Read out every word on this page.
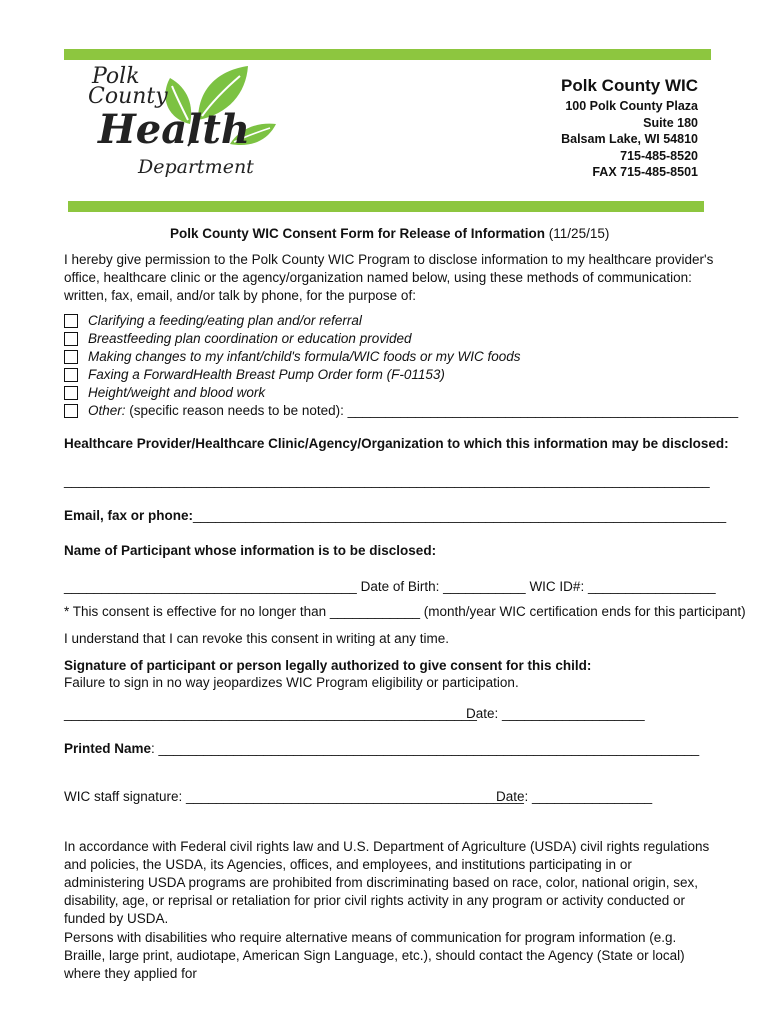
Polk
County
Health
Department
Polk County WIC
100 Polk County Plaza
Suite 180
Balsam Lake, WI 54810
715-485-8520
FAX 715-485-8501
Polk County WIC Consent Form for Release of Information (11/25/15)
I hereby give permission to the Polk County WIC Program to disclose information to my healthcare provider's office, healthcare clinic or the agency/organization named below, using these methods of communication: written, fax, email, and/or talk by phone, for the purpose of:
Clarifying a feeding/eating plan and/or referral
Breastfeeding plan coordination or education provided
Making changes to my infant/child's formula/WIC foods or my WIC foods
Faxing a ForwardHealth Breast Pump Order form (F-01153)
Height/weight and blood work
Other:
(specific reason needs to be noted): ____________________________________________________
Healthcare Provider/Healthcare Clinic/Agency/Organization to which this information may be disclosed:
______________________________________________________________________________________
Email, fax or phone:_______________________________________________________________________
Name of Participant whose information is to be disclosed:
_______________________________________ Date of Birth: ___________ WIC ID#: _________________
* This consent is effective for no longer than ____________ (month/year WIC certification ends for this participant)
I understand that I can revoke this consent in writing at any time.
Signature of participant or person legally authorized to give consent for this child:
Failure to sign in no way jeopardizes WIC Program eligibility or participation.
_______________________________________________________
Date: ___________________
Printed Name: ________________________________________________________________________
WIC staff signature: _____________________________________________
Date: ________________
In accordance with Federal civil rights law and U.S. Department of Agriculture (USDA) civil rights regulations and policies, the USDA, its Agencies, offices, and employees, and institutions participating in or administering USDA programs are prohibited from discriminating based on race, color, national origin, sex, disability, age, or reprisal or retaliation for prior civil rights activity in any program or activity conducted or funded by USDA.
Persons with disabilities who require alternative means of communication for program information (e.g. Braille, large print, audiotape, American Sign Language, etc.), should contact the Agency (State or local) where they applied for
